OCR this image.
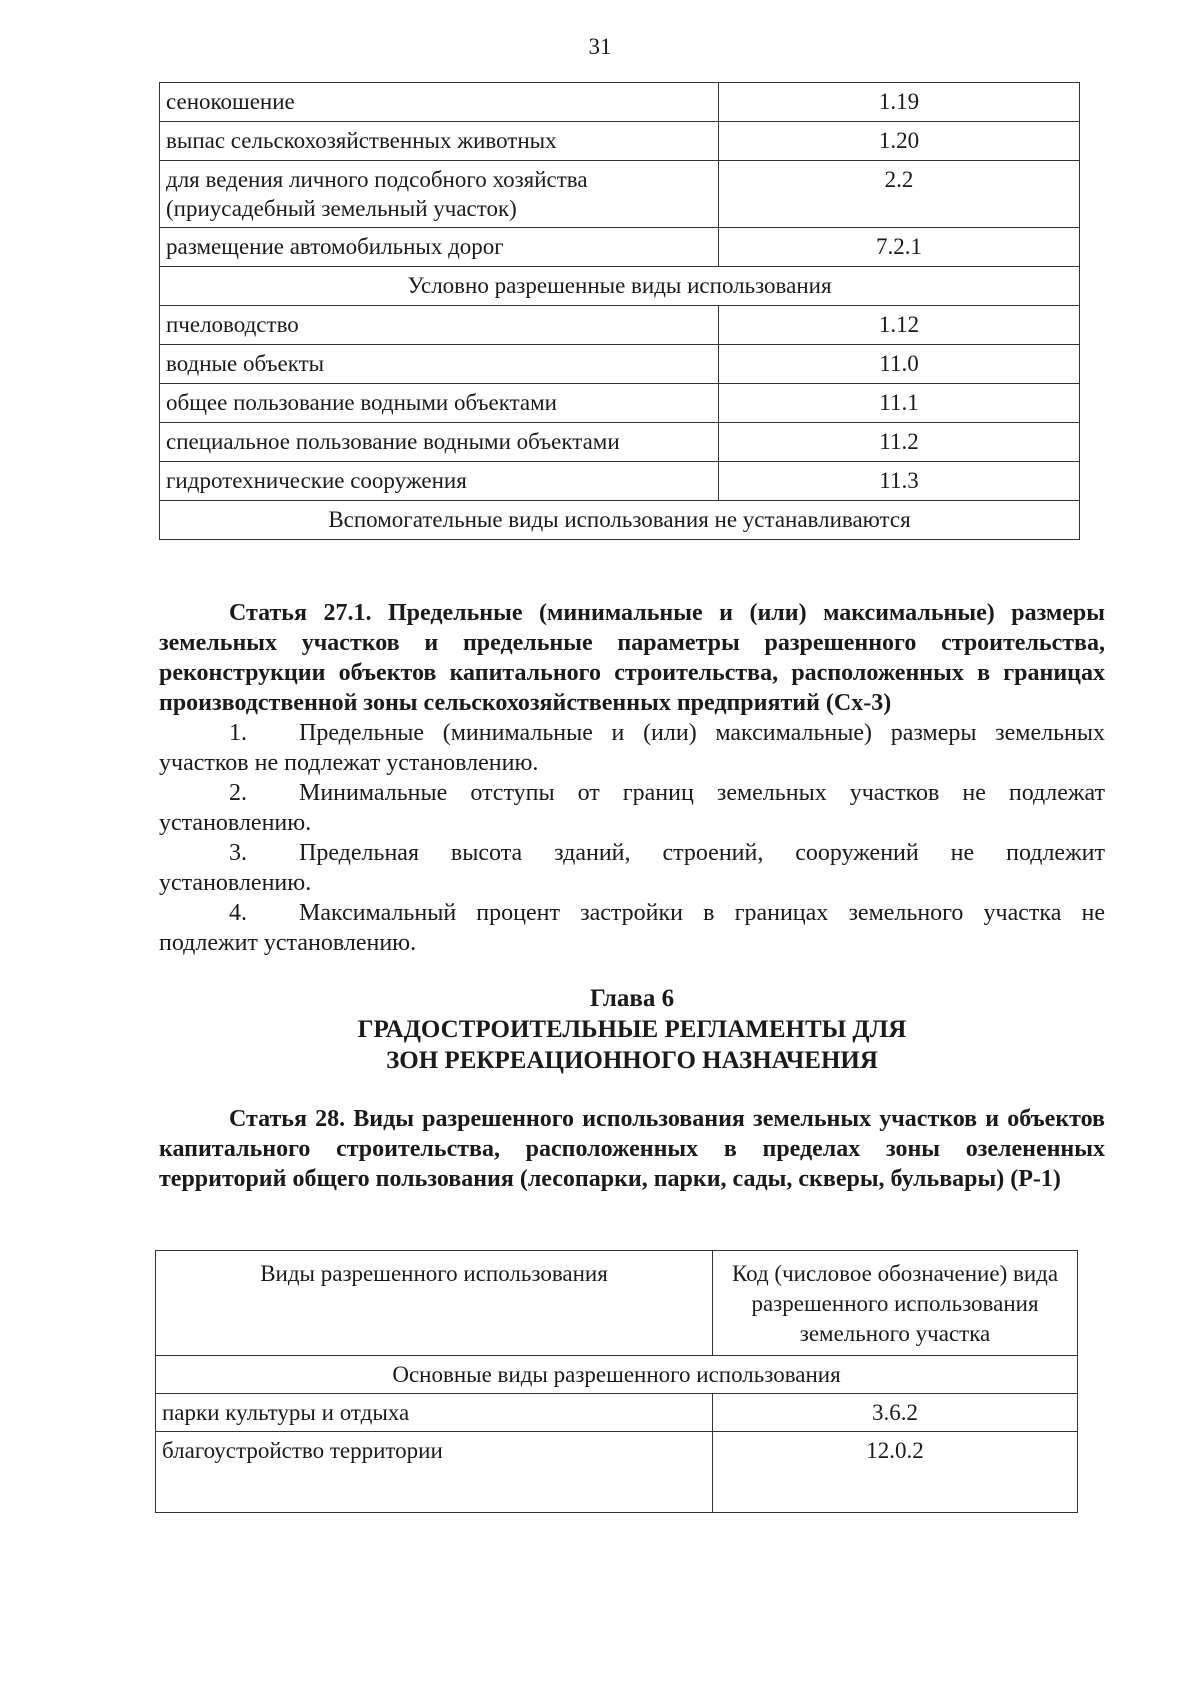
31
сенокошение	1.19
выпас сельскохозяйственных животных	1.20
для ведения личного подсобного хозяйства (приусадебный земельный участок)	2.2
размещение автомобильных дорог	7.2.1
Условно разрешенные виды использования	
пчеловодство	1.12
водные объекты	11.0
общее пользование водными объектами	11.1
специальное пользование водными объектами	11.2
гидротехнические сооружения	11.3
Вспомогательные виды использования не устанавливаются	

Статья 27.1. Предельные (минимальные и (или) максимальные) размеры земельных участков и предельные параметры разрешенного строительства, реконструкции объектов капитального строительства, расположенных в границах производственной зоны сельскохозяйственных предприятий (Сх-3)

1. Предельные (минимальные и (или) максимальные) размеры земельных участков не подлежат установлению.

2. Минимальные отступы от границ земельных участков не подлежат установлению.

3. Предельная высота зданий, строений, сооружений не подлежит установлению.

4. Максимальный процент застройки в границах земельного участка не подлежит установлению.

Глава 6
ГРАДОСТРОИТЕЛЬНЫЕ РЕГЛАМЕНТЫ ДЛЯ
ЗОН РЕКРЕАЦИОННОГО НАЗНАЧЕНИЯ

Статья 28. Виды разрешенного использования земельных участков и объектов капитального строительства, расположенных в пределах зоны озелененных территорий общего пользования (лесопарки, парки, сады, скверы, бульвары) (Р-1)

Виды разрешенного использования	Код (числовое обозначение) вида разрешенного использования земельного участка
Основные виды разрешенного использования	
парки культуры и отдыха	3.6.2
благоустройство территории	12.0.2
